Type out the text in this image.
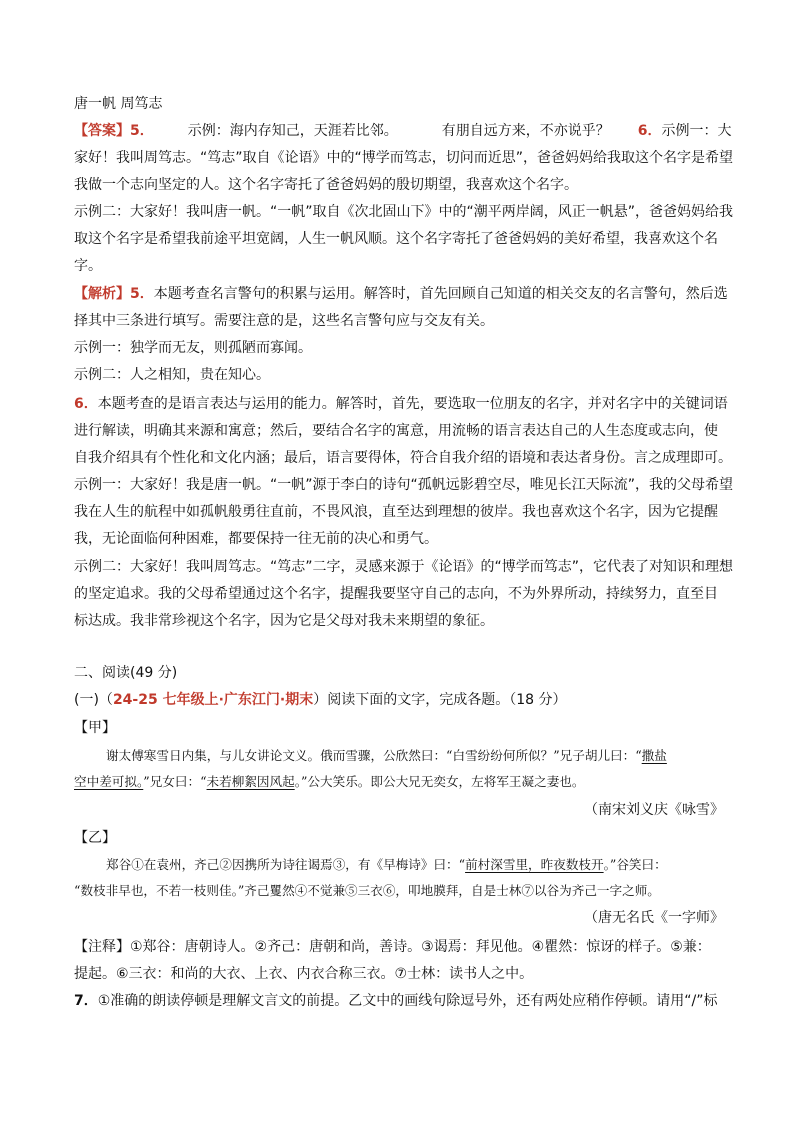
唐一帆 周笃志
【答案】5． 示例：海内存知己，天涯若比邻。	有朋自远方来，不亦说乎？ 6．示例一：大
家好！我叫周笃志。“笃志”取自《论语》中的“博学而笃志，切问而近思”，爸爸妈妈给我取这个名字是希望
我做一个志向坚定的人。这个名字寄托了爸爸妈妈的殷切期望，我喜欢这个名字。
示例二：大家好！我叫唐一帆。“一帆”取自《次北固山下》中的“潮平两岸阔，风正一帆悬”，爸爸妈妈给我
取这个名字是希望我前途平坦宽阔，人生一帆风顺。这个名字寄托了爸爸妈妈的美好希望，我喜欢这个名
字。
【解析】5．本题考查名言警句的积累与运用。解答时，首先回顾自己知道的相关交友的名言警句，然后选
择其中三条进行填写。需要注意的是，这些名言警句应与交友有关。
示例一：独学而无友，则孤陋而寡闻。
示例二：人之相知，贵在知心。
6．本题考查的是语言表达与运用的能力。解答时，首先，要选取一位朋友的名字，并对名字中的关键词语
进行解读，明确其来源和寓意；然后，要结合名字的寓意，用流畅的语言表达自己的人生态度或志向，使
自我介绍具有个性化和文化内涵；最后，语言要得体，符合自我介绍的语境和表达者身份。言之成理即可。
示例一：大家好！我是唐一帆。“一帆”源于李白的诗句“孤帆远影碧空尽，唯见长江天际流”，我的父母希望
我在人生的航程中如孤帆般勇往直前，不畏风浪，直至达到理想的彼岸。我也喜欢这个名字，因为它提醒
我，无论面临何种困难，都要保持一往无前的决心和勇气。
示例二：大家好！我叫周笃志。“笃志”二字，灵感来源于《论语》的“博学而笃志”，它代表了对知识和理想
的坚定追求。我的父母希望通过这个名字，提醒我要坚守自己的志向，不为外界所动，持续努力，直至目
标达成。我非常珍视这个名字，因为它是父母对我未来期望的象征。
二、阅读(49 分)
(一)（24-25 七年级上·广东江门·期末）阅读下面的文字，完成各题。（18 分）
【甲】
谢太傅寒雪日内集，与儿女讲论文义。俄而雪骤，公欣然曰：“白雪纷纷何所似？”兄子胡儿曰：“撒盐
空中差可拟。”兄女曰：“未若柳絮因风起。”公大笑乐。即公大兄无奕女，左将军王凝之妻也。
（南宋刘义庆《咏雪》
【乙】
郑谷①在袁州，齐己②因携所为诗往谒焉③，有《早梅诗》曰：“前村深雪里，昨夜数枝开。”谷笑曰：
“数枝非早也，不若一枝则佳。”齐己矍然④不觉兼⑤三衣⑥，叩地膜拜，自是士林⑦以谷为齐己一字之师。
（唐无名氏《一字师》
【注释】①郑谷：唐朝诗人。②齐己：唐朝和尚，善诗。③谒焉：拜见他。④瞿然：惊讶的样子。⑤兼：
提起。⑥三衣：和尚的大衣、上衣、内衣合称三衣。⑦士林：读书人之中。
7．①准确的朗读停顿是理解文言文的前提。乙文中的画线句除逗号外，还有两处应稍作停顿。请用“/”标
